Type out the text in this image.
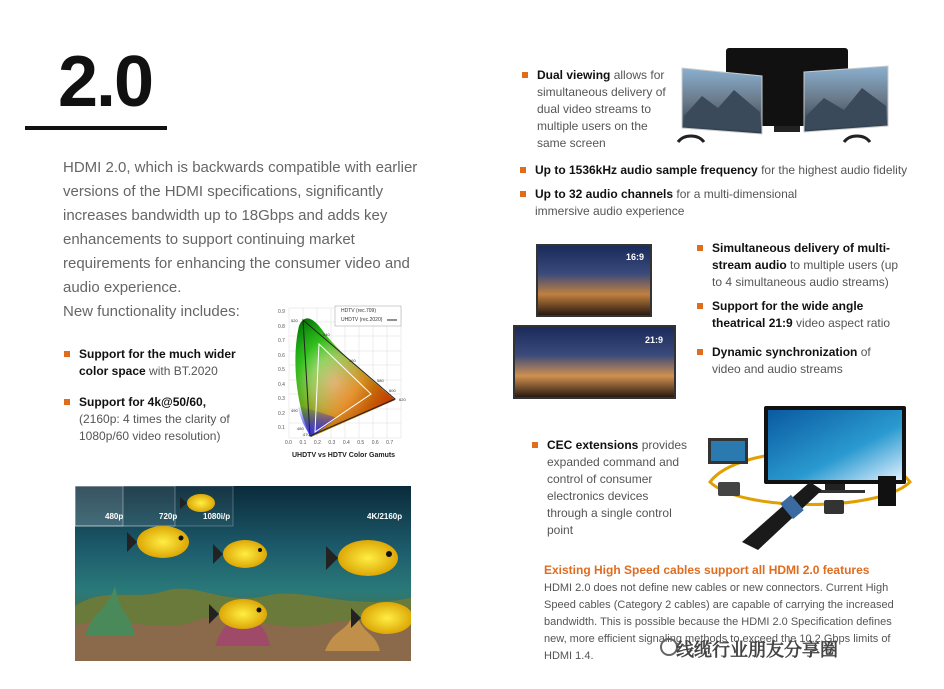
2.0

HDMI 2.0, which is backwards compatible with earlier versions of the HDMI specifications, significantly increases bandwidth up to 18Gbps and adds key enhancements to support continuing market requirements for enhancing the consumer video and audio experience.

New functionality includes:

Support for the much wider color space with BT.2020
Support for 4k@50/60,
(2160p: 4 times the clarity of 1080p/60 video resolution)
HDTV (rec.709)
UHDTV (rec.2020)
0.9
0.8
0.7
0.6
0.5
0.4
0.3
0.2
0.1
0.0 0.1 0.2 0.3 0.4 0.5 0.6 0.7
520
540
560
580
600
620
490
480
470
UHDTV vs HDTV Color Gamuts
480p	720p	1080i/p	4K/2160p
Dual viewing allows for simultaneous delivery of dual video streams to multiple users on the same screen
Up to 1536kHz audio sample frequency for the highest audio fidelity
Up to 32 audio channels for a multi-dimensional immersive audio experience
16:9
21:9
Simultaneous delivery of multi-stream audio to multiple users (up to 4 simultaneous audio streams)
Support for the wide angle theatrical 21:9 video aspect ratio
Dynamic synchronization of video and audio streams
CEC extensions provides expanded command and control of consumer electronics devices through a single control point
Existing High Speed cables support all HDMI 2.0 features
HDMI 2.0 does not define new cables or new connectors. Current High Speed cables (Category 2 cables) are capable of carrying the increased bandwidth. This is possible because the HDMI 2.0 Specification defines new, more efficient signaling methods to exceed the 10.2 Gbps limits of HDMI 1.4.	线缆行业朋友分享圈
